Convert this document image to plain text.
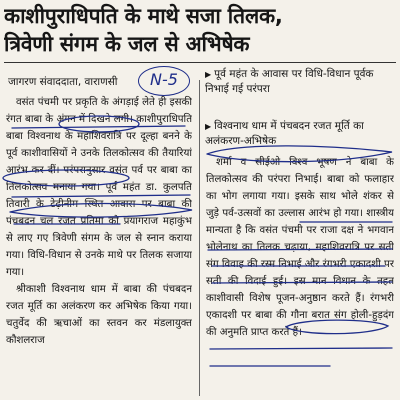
काशीपुराधिपति के माथे सजा तिलक,
त्रिवेणी संगम के जल से अभिषेक
जागरण संवाददाता, वाराणसी	N-5	▶ पूर्व महंत के आवास पर विधि-विधान पूर्वक निभाई गई परंपरा
▶ विश्वनाथ धाम में पंचबदन रजत मूर्ति का अलंकरण-अभिषेक

वसंत पंचमी पर प्रकृति के अंगड़ाई लेते ही इसकी रंगत बाबा के अंगन में दिखने लगी। काशीपुराधिपति बाबा विश्वनाथ के महाशिवरात्रि पर दूल्हा बनने के पूर्व काशीवासियों ने उनके तिलकोत्सव की तैयारियां आरंभ कर दीं। परंपरानुसार वसंत पर्व पर बाबा का तिलकोत्सव मनाया गया। पूर्व महंत डा. कुलपति तिवारी के टेढ़ीनीम स्थित आवास पर बाबा की पंचबदन चल रजत प्रतिमा को प्रयागराज महाकुंभ से लाए गए त्रिवेणी संगम के जल से स्नान कराया गया। विधि-विधान से उनके माथे पर तिलक सजाया गया।

श्रीकाशी विश्वनाथ धाम में बाबा की पंचबदन रजत मूर्ति का अलंकरण कर अभिषेक किया गया। चतुर्वेद की ऋचाओं का स्तवन कर मंडलायुक्त कौशलराज

शर्मा व सीईओ विश्व भूषण ने बाबा के तिलकोत्सव की परंपरा निभाई। बाबा को फलाहार का भोग लगाया गया। इसके साथ भोले शंकर से जुड़े पर्व-उत्सवों का उल्लास आरंभ हो गया। शास्त्रीय मान्यता है कि वसंत पंचमी पर राजा दक्ष ने भगवान भोलेनाथ का तिलक चढ़ाया, महाशिवरात्रि पर सती संग विवाह की रस्म निभाई और रंगभरी एकादशी पर सती की विदाई हुई। इस मान विधान के तहत काशीवासी विशेष पूजन-अनुष्ठान करते हैं। रंगभरी एकादशी पर बाबा की गौना बरात संग होली-हुड़दंग की अनुमति प्राप्त करते हैं।
